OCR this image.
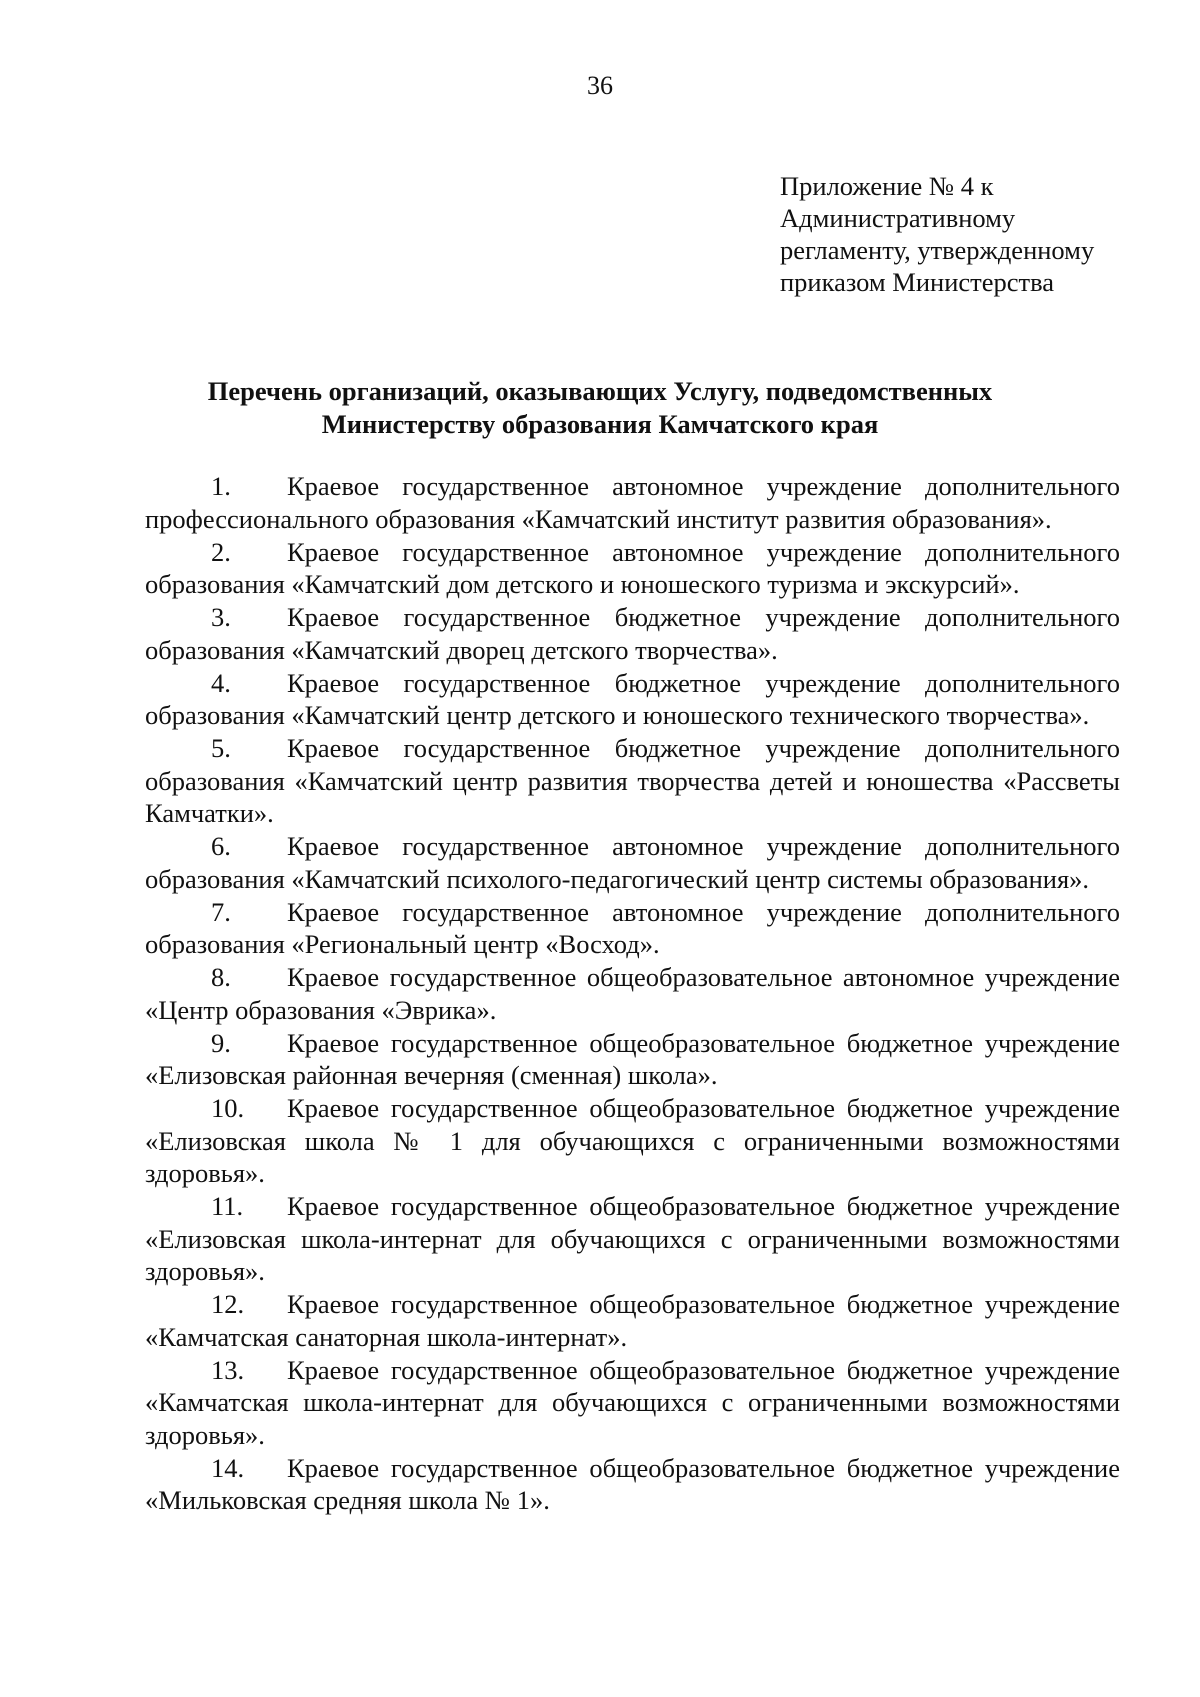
36
Приложение № 4 к
Административному
регламенту, утвержденному
приказом Министерства
Перечень организаций, оказывающих Услугу, подведомственных
Министерству образования Камчатского края
1. Краевое государственное автономное учреждение дополнительного профессионального образования «Камчатский институт развития образования».
2. Краевое государственное автономное учреждение дополнительного образования «Камчатский дом детского и юношеского туризма и экскурсий».
3. Краевое государственное бюджетное учреждение дополнительного образования «Камчатский дворец детского творчества».
4. Краевое государственное бюджетное учреждение дополнительного образования «Камчатский центр детского и юношеского технического творчества».
5. Краевое государственное бюджетное учреждение дополнительного образования «Камчатский центр развития творчества детей и юношества «Рассветы Камчатки».
6. Краевое государственное автономное учреждение дополнительного образования «Камчатский психолого-педагогический центр системы образования».
7. Краевое государственное автономное учреждение дополнительного образования «Региональный центр «Восход».
8. Краевое государственное общеобразовательное автономное учреждение «Центр образования «Эврика».
9. Краевое государственное общеобразовательное бюджетное учреждение «Елизовская районная вечерняя (сменная) школа».
10. Краевое государственное общеобразовательное бюджетное учреждение «Елизовская школа № 1 для обучающихся с ограниченными возможностями здоровья».
11. Краевое государственное общеобразовательное бюджетное учреждение «Елизовская школа-интернат для обучающихся с ограниченными возможностями здоровья».
12. Краевое государственное общеобразовательное бюджетное учреждение «Камчатская санаторная школа-интернат».
13. Краевое государственное общеобразовательное бюджетное учреждение «Камчатская школа-интернат для обучающихся с ограниченными возможностями здоровья».
14. Краевое государственное общеобразовательное бюджетное учреждение «Мильковская средняя школа № 1».
